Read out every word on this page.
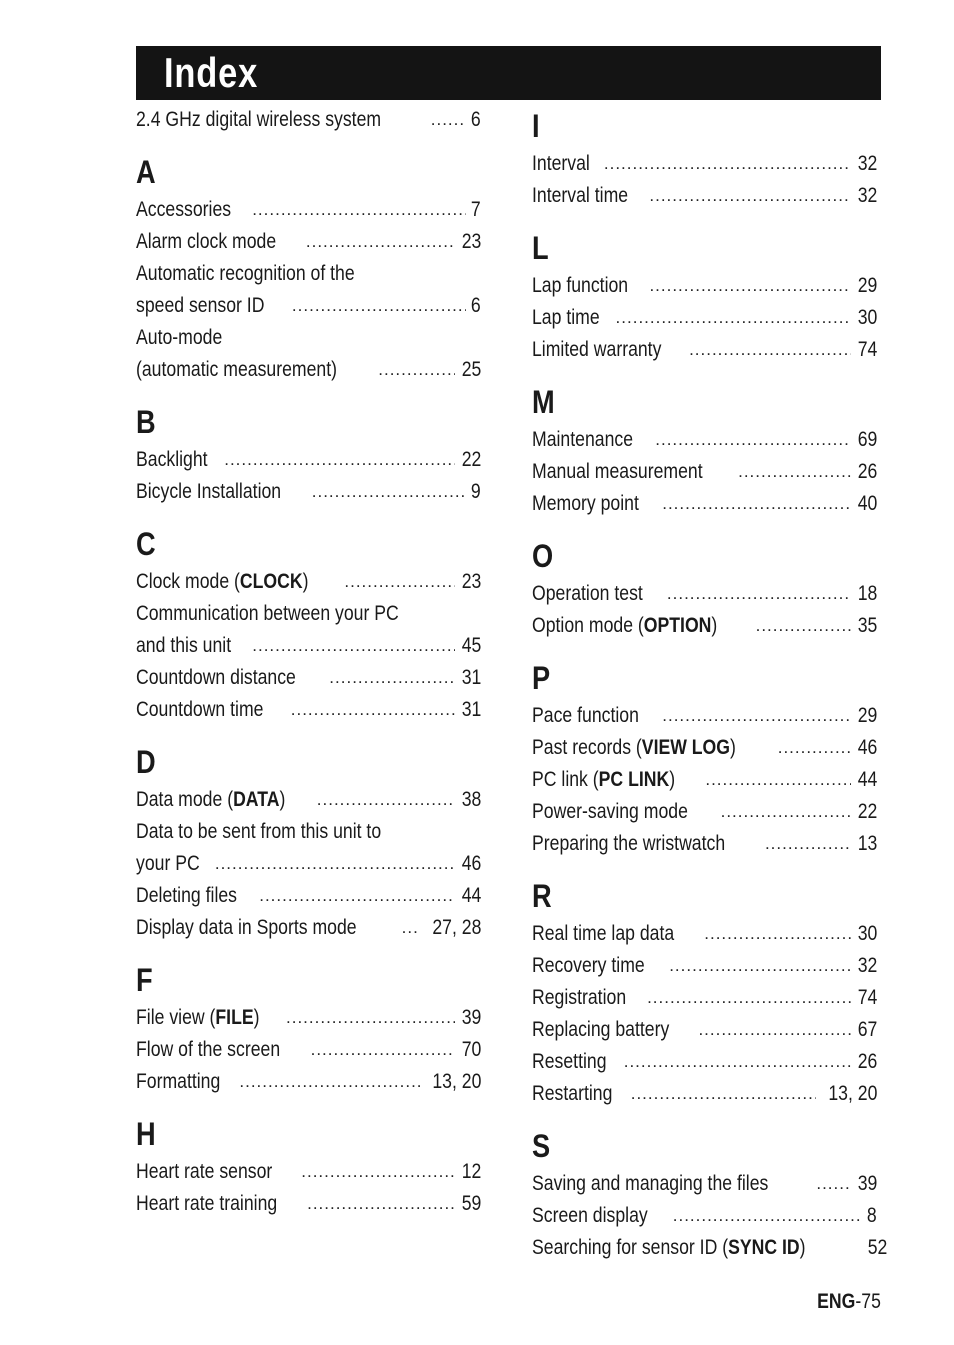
Index
2.4 GHz digital wireless system .....	6
A
Accessories .....	7
Alarm clock mode .....	23
Automatic recognition of the
speed sensor ID .....	6
Auto-mode
(automatic measurement) .....	25
B
Backlight .....	22
Bicycle Installation .....	9
C
Clock mode (CLOCK) .....	23
Communication between your PC
and this unit .....	45
Countdown distance .....	31
Countdown time .....	31
D
Data mode (DATA) .....	38
Data to be sent from this unit to
your PC .....	46
Deleting files .....	44
Display data in Sports mode .....	27, 28
F
File view (FILE) .....	39
Flow of the screen .....	70
Formatting .....	13, 20
H
Heart rate sensor .....	12
Heart rate training .....	59
I
Interval .....	32
Interval time .....	32
L
Lap function .....	29
Lap time .....	30
Limited warranty .....	74
M
Maintenance .....	69
Manual measurement .....	26
Memory point .....	40
O
Operation test .....	18
Option mode (OPTION) .....	35
P
Pace function .....	29
Past records (VIEW LOG) .....	46
PC link (PC LINK) .....	44
Power-saving mode .....	22
Preparing the wristwatch .....	13
R
Real time lap data .....	30
Recovery time .....	32
Registration .....	74
Replacing battery .....	67
Resetting .....	26
Restarting .....	13, 20
S
Saving and managing the files .....	39
Screen display .....	8
Searching for sensor ID (SYNC ID)	52
ENG-75
